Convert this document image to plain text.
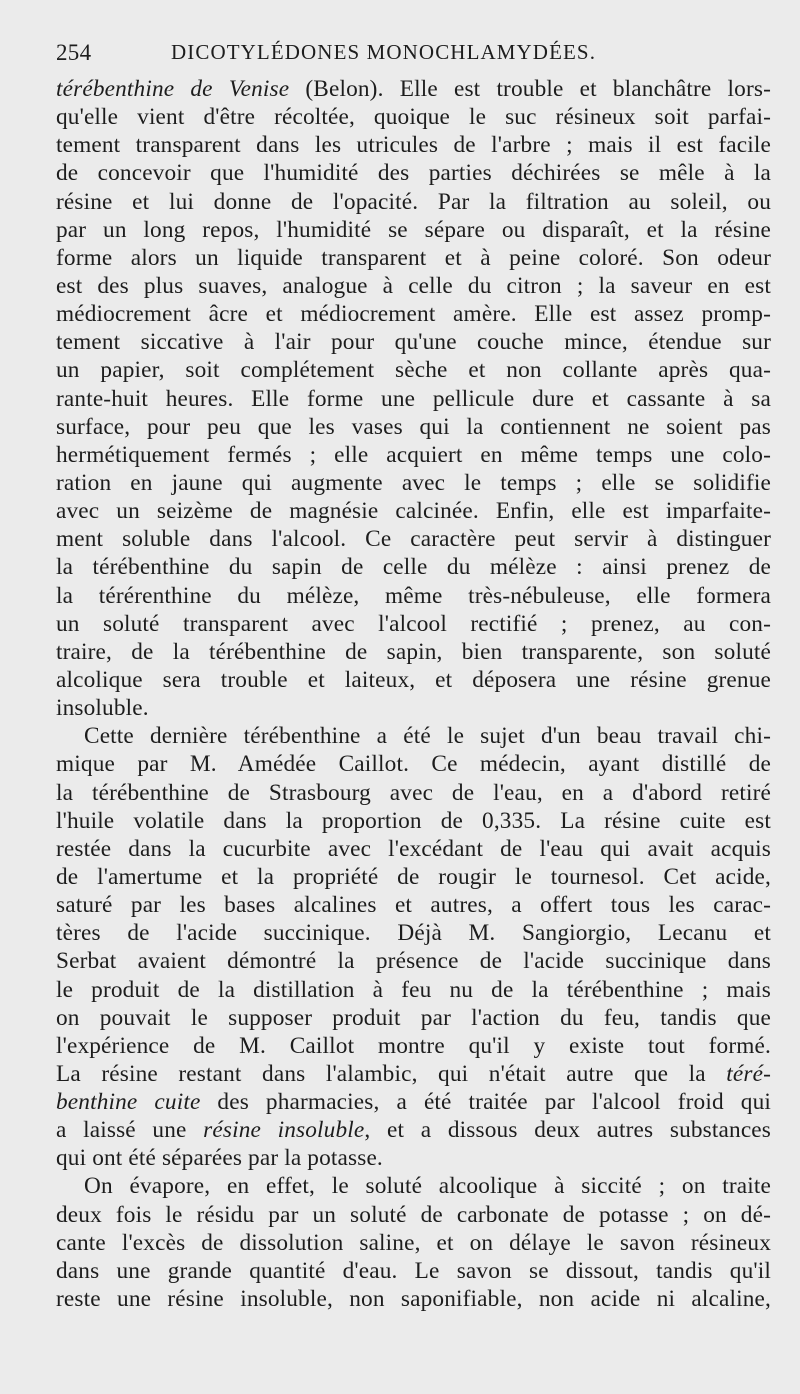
254	DICOTYLÉDONES MONOCHLAMYDÉES.
térébenthine de Venise (Belon). Elle est trouble et blanchâtre lors-
qu'elle vient d'être récoltée, quoique le suc résineux soit parfai-
tement transparent dans les utricules de l'arbre ; mais il est facile
de concevoir que l'humidité des parties déchirées se mêle à la
résine et lui donne de l'opacité. Par la filtration au soleil, ou
par un long repos, l'humidité se sépare ou disparaît, et la résine
forme alors un liquide transparent et à peine coloré. Son odeur
est des plus suaves, analogue à celle du citron ; la saveur en est
médiocrement âcre et médiocrement amère. Elle est assez promp-
tement siccative à l'air pour qu'une couche mince, étendue sur
un papier, soit complétement sèche et non collante après qua-
rante-huit heures. Elle forme une pellicule dure et cassante à sa
surface, pour peu que les vases qui la contiennent ne soient pas
hermétiquement fermés ; elle acquiert en même temps une colo-
ration en jaune qui augmente avec le temps ; elle se solidifie
avec un seizème de magnésie calcinée. Enfin, elle est imparfaite-
ment soluble dans l'alcool. Ce caractère peut servir à distinguer
la térébenthine du sapin de celle du mélèze : ainsi prenez de
la térérenthine du mélèze, même très-nébuleuse, elle formera
un soluté transparent avec l'alcool rectifié ; prenez, au con-
traire, de la térébenthine de sapin, bien transparente, son soluté
alcolique sera trouble et laiteux, et déposera une résine grenue
insoluble.
Cette dernière térébenthine a été le sujet d'un beau travail chi-
mique par M. Amédée Caillot. Ce médecin, ayant distillé de
la térébenthine de Strasbourg avec de l'eau, en a d'abord retiré
l'huile volatile dans la proportion de 0,335. La résine cuite est
restée dans la cucurbite avec l'excédant de l'eau qui avait acquis
de l'amertume et la propriété de rougir le tournesol. Cet acide,
saturé par les bases alcalines et autres, a offert tous les carac-
tères de l'acide succinique. Déjà M. Sangiorgio, Lecanu et
Serbat avaient démontré la présence de l'acide succinique dans
le produit de la distillation à feu nu de la térébenthine ; mais
on pouvait le supposer produit par l'action du feu, tandis que
l'expérience de M. Caillot montre qu'il y existe tout formé.
La résine restant dans l'alambic, qui n'était autre que la téré-
benthine cuite des pharmacies, a été traitée par l'alcool froid qui
a laissé une résine insoluble, et a dissous deux autres substances
qui ont été séparées par la potasse.
On évapore, en effet, le soluté alcoolique à siccité ; on traite
deux fois le résidu par un soluté de carbonate de potasse ; on dé-
cante l'excès de dissolution saline, et on délaye le savon résineux
dans une grande quantité d'eau. Le savon se dissout, tandis qu'il
reste une résine insoluble, non saponifiable, non acide ni alcaline,
